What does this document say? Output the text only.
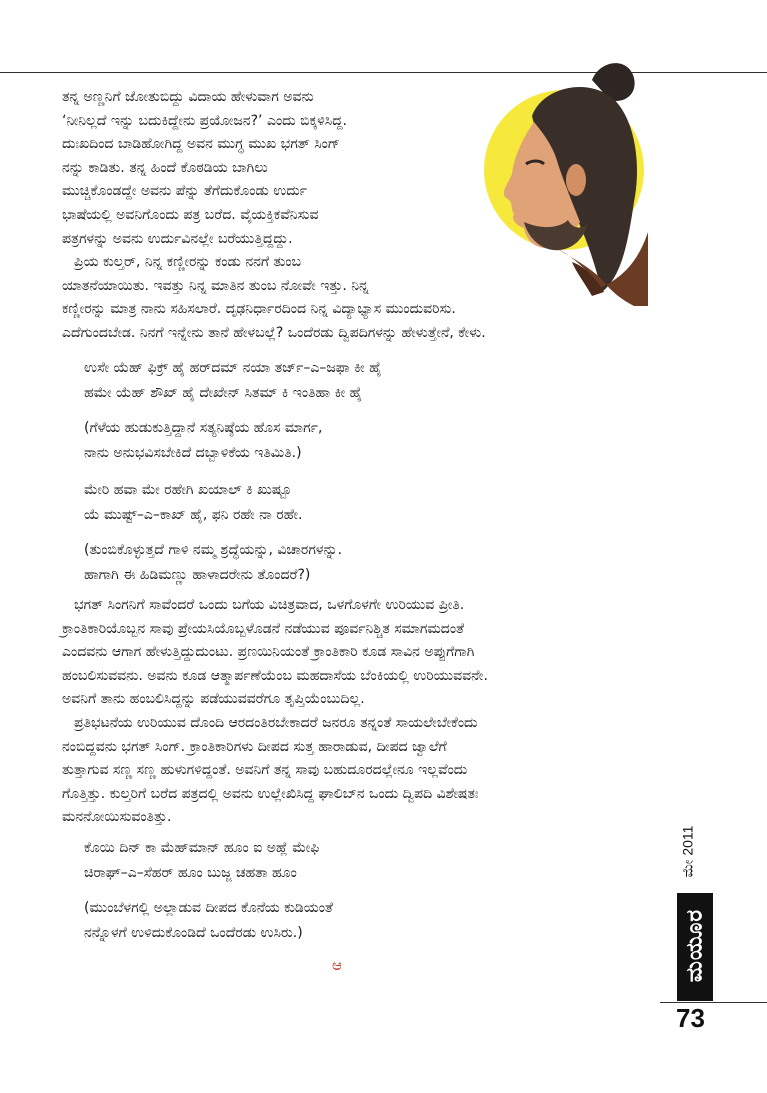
ತನ್ನ ಅಣ್ಣನಿಗೆ ಜೋತುಬಿದ್ದು ವಿದಾಯ ಹೇಳುವಾಗ ಅವನು

‘ನೀನಿಲ್ಲದೆ ಇನ್ನು ಬದುಕಿದ್ದೇನು ಪ್ರಯೋಜನ?’ ಎಂದು ಬಿಕ್ಕಳಿಸಿದ್ದ.

ದುಃಖದಿಂದ ಬಾಡಿಹೋಗಿದ್ದ ಅವನ ಮುಗ್ಧ ಮುಖ ಭಗತ್ ಸಿಂಗ್

ನನ್ನು ಕಾಡಿತು. ತನ್ನ ಹಿಂದೆ ಕೊಠಡಿಯ ಬಾಗಿಲು

ಮುಚ್ಚಿಕೊಂಡದ್ದೇ ಅವನು ಪೆನ್ನು ತೆಗೆದುಕೊಂಡು ಉರ್ದು

ಭಾಷೆಯಲ್ಲಿ ಅವನಿಗೊಂದು ಪತ್ರ ಬರೆದ. ವೈಯಕ್ತಿಕವೆನಿಸುವ

ಪತ್ರಗಳನ್ನು ಅವನು ಉರ್ದುವಿನಲ್ಲೇ ಬರೆಯುತ್ತಿದ್ದದ್ದು.

ಪ್ರಿಯ ಕುಲ್ತರ್, ನಿನ್ನ ಕಣ್ಣೀರನ್ನು ಕಂಡು ನನಗೆ ತುಂಬ

ಯಾತನೆಯಾಯಿತು. ಇವತ್ತು ನಿನ್ನ ಮಾತಿನ ತುಂಬ ನೋವೇ ಇತ್ತು. ನಿನ್ನ

ಕಣ್ಣೀರನ್ನು ಮಾತ್ರ ನಾನು ಸಹಿಸಲಾರೆ. ದೃಢನಿರ್ಧಾರದಿಂದ ನಿನ್ನ ವಿದ್ಯಾಭ್ಯಾಸ ಮುಂದುವರಿಸು.

ಎದೆಗುಂದಬೇಡ. ನಿನಗೆ ಇನ್ನೇನು ತಾನೆ ಹೇಳಬಲ್ಲೆ? ಒಂದೆರಡು ದ್ವಿಪದಿಗಳನ್ನು ಹೇಳುತ್ತೇನೆ, ಕೇಳು.

ಉಸೇ ಯೆಹ್ ಫಿಕ್ರ್ ಹೈ ಹರ್‌ದಮ್ ನಯಾ ತರ್ಜ್–ಎ–ಜಫಾ ಕೀ ಹೈ

ಹಮೇ ಯೆಹ್ ಶೌಖ್ ಹೈ ದೇಖೇನ್ ಸಿತಮ್ ಕಿ ಇಂತಿಹಾ ಕೀ ಹೈ

(ಗೆಳೆಯ ಹುಡುಕುತ್ತಿದ್ದಾನೆ ಸತ್ಯನಿಷ್ಠೆಯ ಹೊಸ ಮಾರ್ಗ,

ನಾನು ಅನುಭವಿಸಬೇಕಿದೆ ದಬ್ಬಾಳಿಕೆಯ ಇತಿಮಿತಿ.)

ಮೇರಿ ಹವಾ ಮೇ ರಹೇಗಿ ಖಯಾಲ್ ಕಿ ಖುಷ್ಬೂ

ಯೆ ಮುಷ್ಟ್–ಎ–ಕಾಖ್ ಹೈ, ಫನಿ ರಹೇ ನಾ ರಹೇ.

(ತುಂಬಿಕೊಳ್ಳುತ್ತದೆ ಗಾಳಿ ನಮ್ಮ ಶ್ರದ್ಧೆಯನ್ನು, ವಿಚಾರಗಳನ್ನು.

ಹಾಗಾಗಿ ಈ ಹಿಡಿಮಣ್ಣು ಹಾಳಾದರೇನು ತೊಂದರೆ?)

ಭಗತ್ ಸಿಂಗನಿಗೆ ಸಾವೆಂದರೆ ಒಂದು ಬಗೆಯ ವಿಚಿತ್ರವಾದ, ಒಳಗೊಳಗೇ ಉರಿಯುವ ಪ್ರೀತಿ.

ಕ್ರಾಂತಿಕಾರಿಯೊಬ್ಬನ ಸಾವು ಪ್ರೇಯಸಿಯೊಬ್ಬಳೊಡನೆ ನಡೆಯುವ ಪೂರ್ವನಿಶ್ಚಿತ ಸಮಾಗಮದಂತೆ

ಎಂದವನು ಆಗಾಗ ಹೇಳುತ್ತಿದ್ದುದುಂಟು. ಪ್ರಣಯಿನಿಯಂತೆ ಕ್ರಾಂತಿಕಾರಿ ಕೂಡ ಸಾವಿನ ಅಪ್ಪುಗೆಗಾಗಿ

ಹಂಬಲಿಸುವವನು. ಅವನು ಕೂಡ ಆತ್ಮಾರ್ಪಣೆಯೆಂಬ ಮಹದಾಸೆಯ ಬೆಂಕಿಯಲ್ಲಿ ಉರಿಯುವವನೇ.

ಅವನಿಗೆ ತಾನು ಹಂಬಲಿಸಿದ್ದನ್ನು ಪಡೆಯುವವರೆಗೂ ತೃಪ್ತಿಯೆಂಬುದಿಲ್ಲ.

ಪ್ರತಿಭಟನೆಯ ಉರಿಯುವ ದೊಂದಿ ಆರದಂತಿರಬೇಕಾದರೆ ಜನರೂ ತನ್ನಂತೆ ಸಾಯಲೇಬೇಕೆಂದು

ನಂಬಿದ್ದವನು ಭಗತ್ ಸಿಂಗ್. ಕ್ರಾಂತಿಕಾರಿಗಳು ದೀಪದ ಸುತ್ತ ಹಾರಾಡುವ, ದೀಪದ ಜ್ವಾಲೆಗೆ

ತುತ್ತಾಗುವ ಸಣ್ಣ ಸಣ್ಣ ಹುಳುಗಳಿದ್ದಂತೆ. ಅವನಿಗೆ ತನ್ನ ಸಾವು ಬಹುದೂರದಲ್ಲೇನೂ ಇಲ್ಲವೆಂದು

ಗೊತ್ತಿತ್ತು. ಕುಲ್ತರಿಗೆ ಬರೆದ ಪತ್ರದಲ್ಲಿ ಅವನು ಉಲ್ಲೇಖಿಸಿದ್ದ ಘಾಲಿಬ್‌ನ ಒಂದು ದ್ವಿಪದಿ ವಿಶೇಷತಃ

ಮನನೋಯಿಸುವಂತಿತ್ತು.

ಕೊಯಿ ದಿನ್ ಕಾ ಮೆಹ್‌ಮಾನ್ ಹೂಂ ಐ ಅಹ್ಲೆ ಮೇಫಿ

ಚಿರಾಘ್–ಎ–ಸೆಹರ್ ಹೂಂ ಬುಜ್ಜ ಚಹತಾ ಹೂಂ

(ಮುಂಬೆಳಗಲ್ಲಿ ಅಲ್ಲಾಡುವ ದೀಪದ ಕೊನೆಯ ಕುಡಿಯಂತೆ

ನನ್ನೊಳಗೆ ಉಳಿದುಕೊಂಡಿದೆ ಒಂದೆರಡು ಉಸಿರು.)

ಆ
ಮೇ 2011
ಮಯೂರ
73
